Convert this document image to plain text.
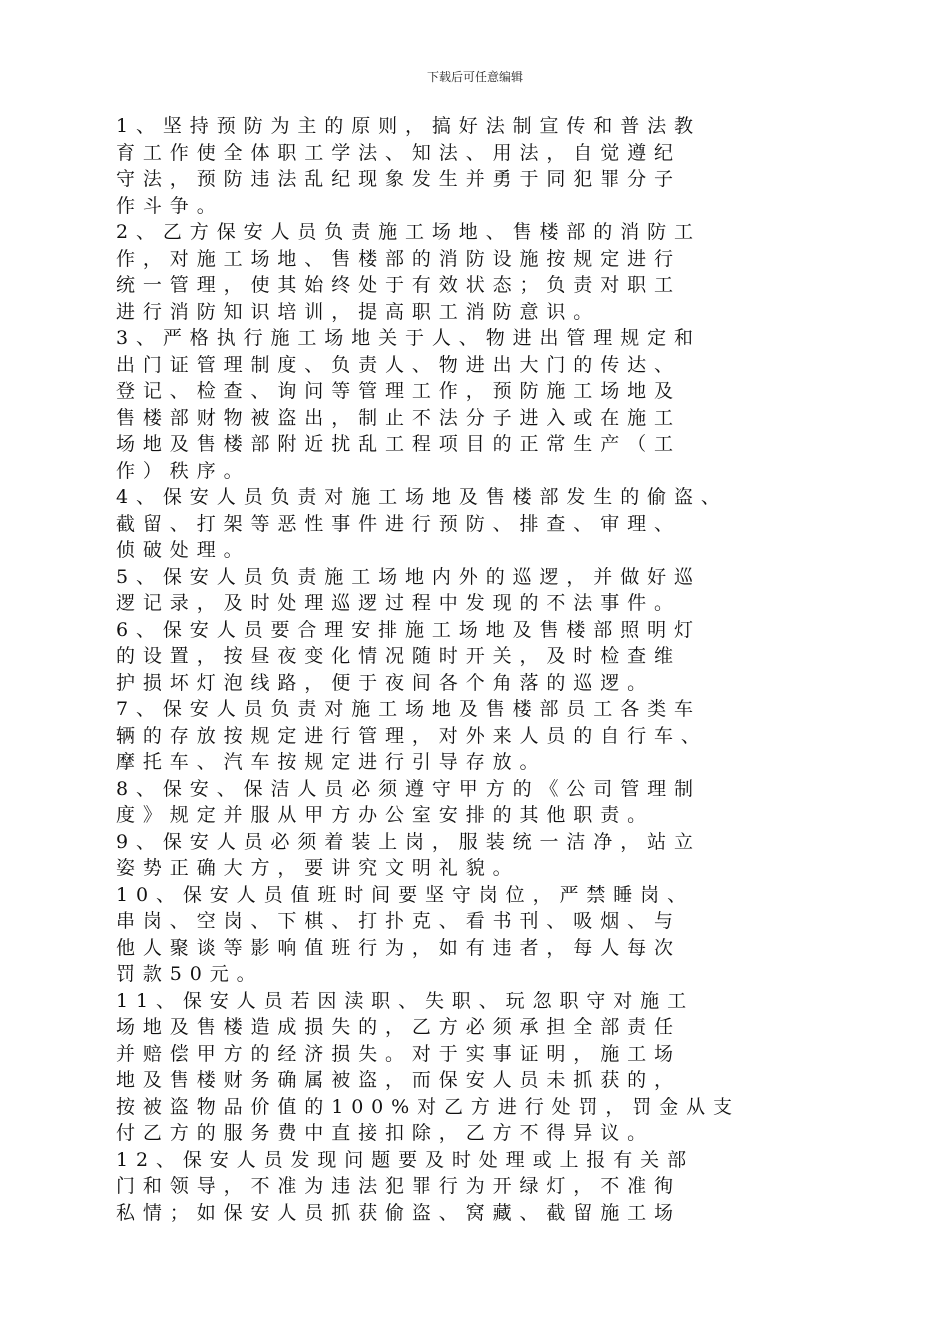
下载后可任意编辑
1、坚持预防为主的原则，搞好法制宣传和普法教
育工作使全体职工学法、知法、用法，自觉遵纪
守法，预防违法乱纪现象发生并勇于同犯罪分子
作斗争。
2、乙方保安人员负责施工场地、售楼部的消防工
作，对施工场地、售楼部的消防设施按规定进行
统一管理，使其始终处于有效状态；负责对职工
进行消防知识培训，提高职工消防意识。
3、严格执行施工场地关于人、物进出管理规定和
出门证管理制度、负责人、物进出大门的传达、
登记、检查、询问等管理工作，预防施工场地及
售楼部财物被盗出，制止不法分子进入或在施工
场地及售楼部附近扰乱工程项目的正常生产（工
作）秩序。
4、保安人员负责对施工场地及售楼部发生的偷盗、
截留、打架等恶性事件进行预防、排查、审理、
侦破处理。
5、保安人员负责施工场地内外的巡逻，并做好巡
逻记录，及时处理巡逻过程中发现的不法事件。
6、保安人员要合理安排施工场地及售楼部照明灯
的设置，按昼夜变化情况随时开关，及时检查维
护损坏灯泡线路，便于夜间各个角落的巡逻。
7、保安人员负责对施工场地及售楼部员工各类车
辆的存放按规定进行管理，对外来人员的自行车、
摩托车、汽车按规定进行引导存放。
8、保安、保洁人员必须遵守甲方的《公司管理制
度》规定并服从甲方办公室安排的其他职责。
9、保安人员必须着装上岗，服装统一洁净，站立
姿势正确大方，要讲究文明礼貌。
10、保安人员值班时间要坚守岗位，严禁睡岗、
串岗、空岗、下棋、打扑克、看书刊、吸烟、与
他人聚谈等影响值班行为，如有违者，每人每次
罚款50元。
11、保安人员若因渎职、失职、玩忽职守对施工
场地及售楼造成损失的，乙方必须承担全部责任
并赔偿甲方的经济损失。对于实事证明，施工场
地及售楼财务确属被盗，而保安人员未抓获的，
按被盗物品价值的100%对乙方进行处罚，罚金从支
付乙方的服务费中直接扣除，乙方不得异议。
12、保安人员发现问题要及时处理或上报有关部
门和领导，不准为违法犯罪行为开绿灯，不准徇
私情；如保安人员抓获偷盗、窝藏、截留施工场
